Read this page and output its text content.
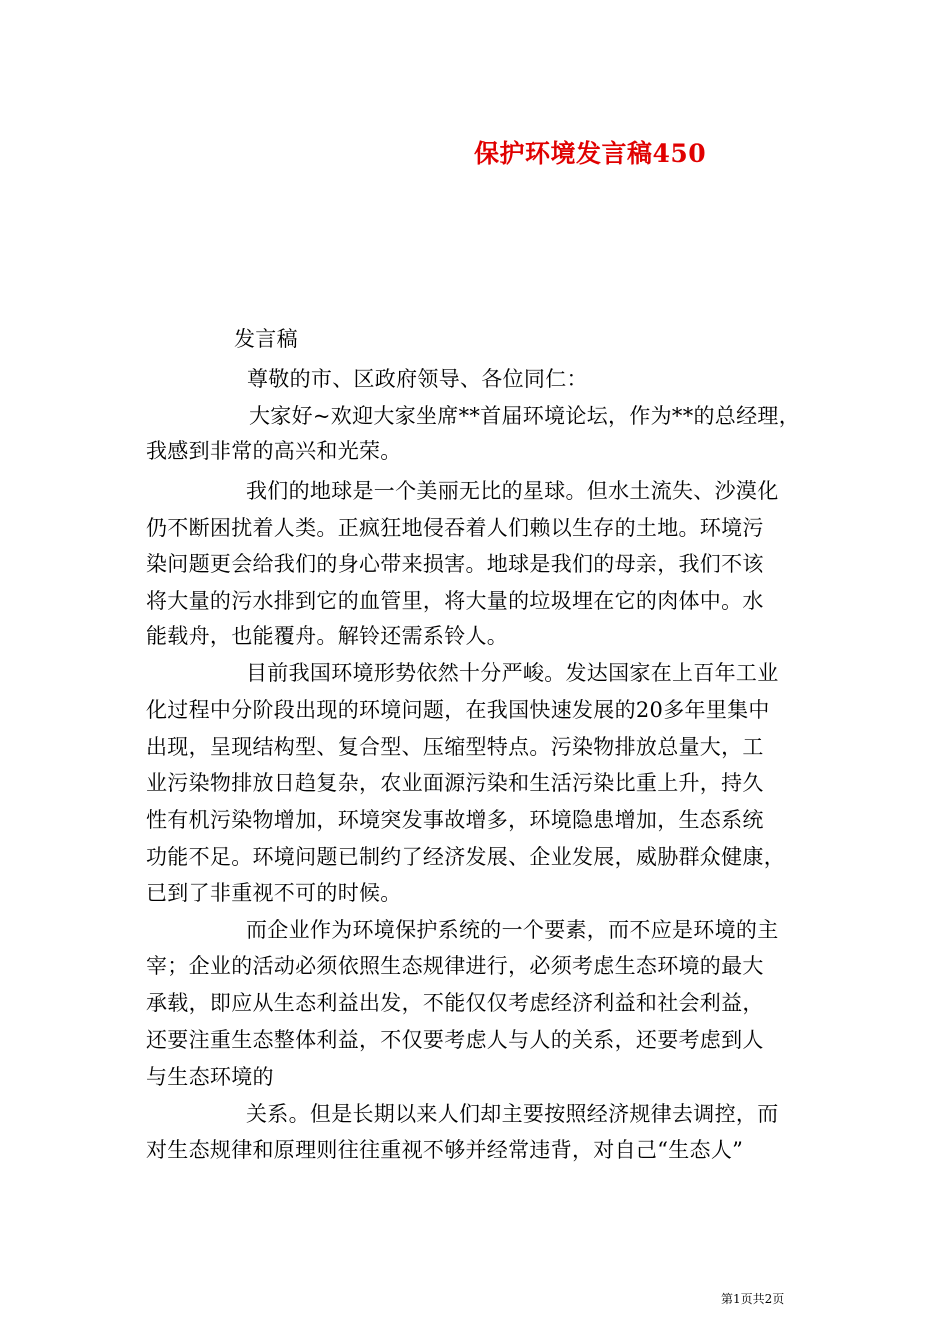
保护环境发言稿450
发言稿
尊敬的市、区政府领导、各位同仁：
大家好~欢迎大家坐席**首届环境论坛，作为**的总经理，
我感到非常的高兴和光荣。
我们的地球是一个美丽无比的星球。但水土流失、沙漠化
仍不断困扰着人类。正疯狂地侵吞着人们赖以生存的土地。环境污
染问题更会给我们的身心带来损害。地球是我们的母亲，我们不该
将大量的污水排到它的血管里，将大量的垃圾埋在它的肉体中。水
能载舟，也能覆舟。解铃还需系铃人。
目前我国环境形势依然十分严峻。发达国家在上百年工业
化过程中分阶段出现的环境问题，在我国快速发展的20多年里集中
出现，呈现结构型、复合型、压缩型特点。污染物排放总量大，工
业污染物排放日趋复杂，农业面源污染和生活污染比重上升，持久
性有机污染物增加，环境突发事故增多，环境隐患增加，生态系统
功能不足。环境问题已制约了经济发展、企业发展，威胁群众健康，
已到了非重视不可的时候。
而企业作为环境保护系统的一个要素，而不应是环境的主
宰；企业的活动必须依照生态规律进行，必须考虑生态环境的最大
承载，即应从生态利益出发，不能仅仅考虑经济利益和社会利益，
还要注重生态整体利益，不仅要考虑人与人的关系，还要考虑到人
与生态环境的
关系。但是长期以来人们却主要按照经济规律去调控，而
对生态规律和原理则往往重视不够并经常违背，对自己“生态人”
第1页共2页
